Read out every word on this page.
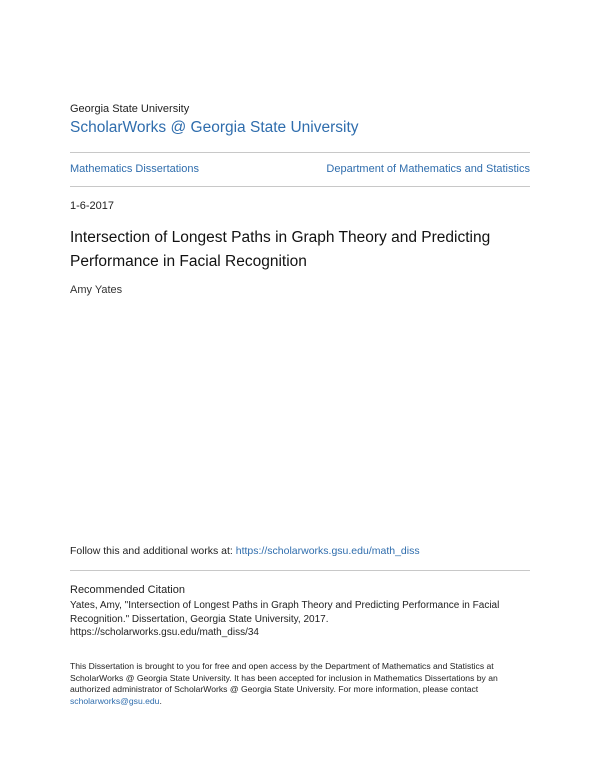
Georgia State University
ScholarWorks @ Georgia State University
Mathematics Dissertations	Department of Mathematics and Statistics
1-6-2017
Intersection of Longest Paths in Graph Theory and Predicting Performance in Facial Recognition
Amy Yates
Follow this and additional works at: https://scholarworks.gsu.edu/math_diss
Recommended Citation
Yates, Amy, "Intersection of Longest Paths in Graph Theory and Predicting Performance in Facial Recognition." Dissertation, Georgia State University, 2017.
https://scholarworks.gsu.edu/math_diss/34
This Dissertation is brought to you for free and open access by the Department of Mathematics and Statistics at ScholarWorks @ Georgia State University. It has been accepted for inclusion in Mathematics Dissertations by an authorized administrator of ScholarWorks @ Georgia State University. For more information, please contact scholarworks@gsu.edu.
